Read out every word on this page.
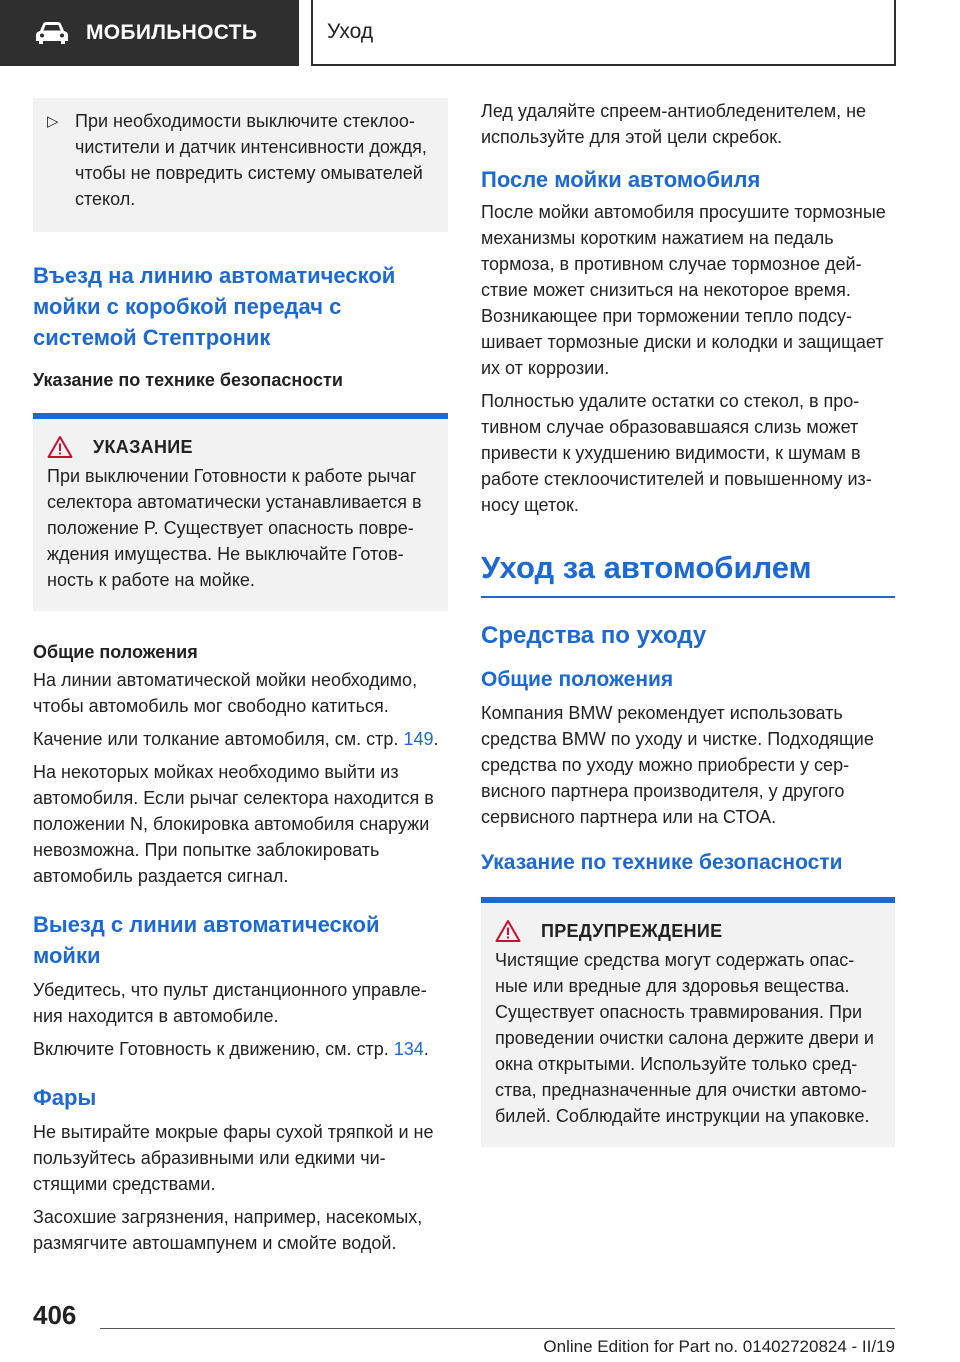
МОБИЛЬНОСТЬ	Уход
▷ При необходимости выключите стеклоочистители и датчик интенсивности дождя, чтобы не повредить систему омывателей стекол.

Въезд на линию автоматической мойки с коробкой передач с системой Стептроник
Указание по технике безопасности
УКАЗАНИЕ

При выключении Готовности к работе рычаг селектора автоматически устанавливается в положение P. Существует опасность повреждения имущества. Не выключайте Готовность к работе на мойке.

Общие положения

На линии автоматической мойки необходимо, чтобы автомобиль мог свободно катиться.

Качение или толкание автомобиля, см. стр. 149.

На некоторых мойках необходимо выйти из автомобиля. Если рычаг селектора находится в положении N, блокировка автомобиля снаружи невозможна. При попытке заблокировать автомобиль раздается сигнал.

Выезд с линии автоматической мойки

Убедитесь, что пульт дистанционного управления находится в автомобиле.

Включите Готовность к движению, см. стр. 134.

Фары

Не вытирайте мокрые фары сухой тряпкой и не пользуйтесь абразивными или едкими чистящими средствами.

Засохшие загрязнения, например, насекомых, размягчите автошампунем и смойте водой.

Лед удаляйте спреем-антиобледенителем, не используйте для этой цели скребок.

После мойки автомобиля

После мойки автомобиля просушите тормозные механизмы коротким нажатием на педаль тормоза, в противном случае тормозное действие может снизиться на некоторое время. Возникающее при торможении тепло подсушивает тормозные диски и колодки и защищает их от коррозии.

Полностью удалите остатки со стекол, в противном случае образовавшаяся слизь может привести к ухудшению видимости, к шумам в работе стеклоочистителей и повышенному износу щеток.

Уход за автомобилем
Средства по уходу
Общие положения

Компания BMW рекомендует использовать средства BMW по уходу и чистке. Подходящие средства по уходу можно приобрести у сервисного партнера производителя, у другого сервисного партнера или на СТОА.

Указание по технике безопасности
ПРЕДУПРЕЖДЕНИЕ

Чистящие средства могут содержать опасные или вредные для здоровья вещества. Существует опасность травмирования. При проведении очистки салона держите двери и окна открытыми. Используйте только средства, предназначенные для очистки автомобилей. Соблюдайте инструкции на упаковке.

406
Online Edition for Part no. 01402720824 - II/19
